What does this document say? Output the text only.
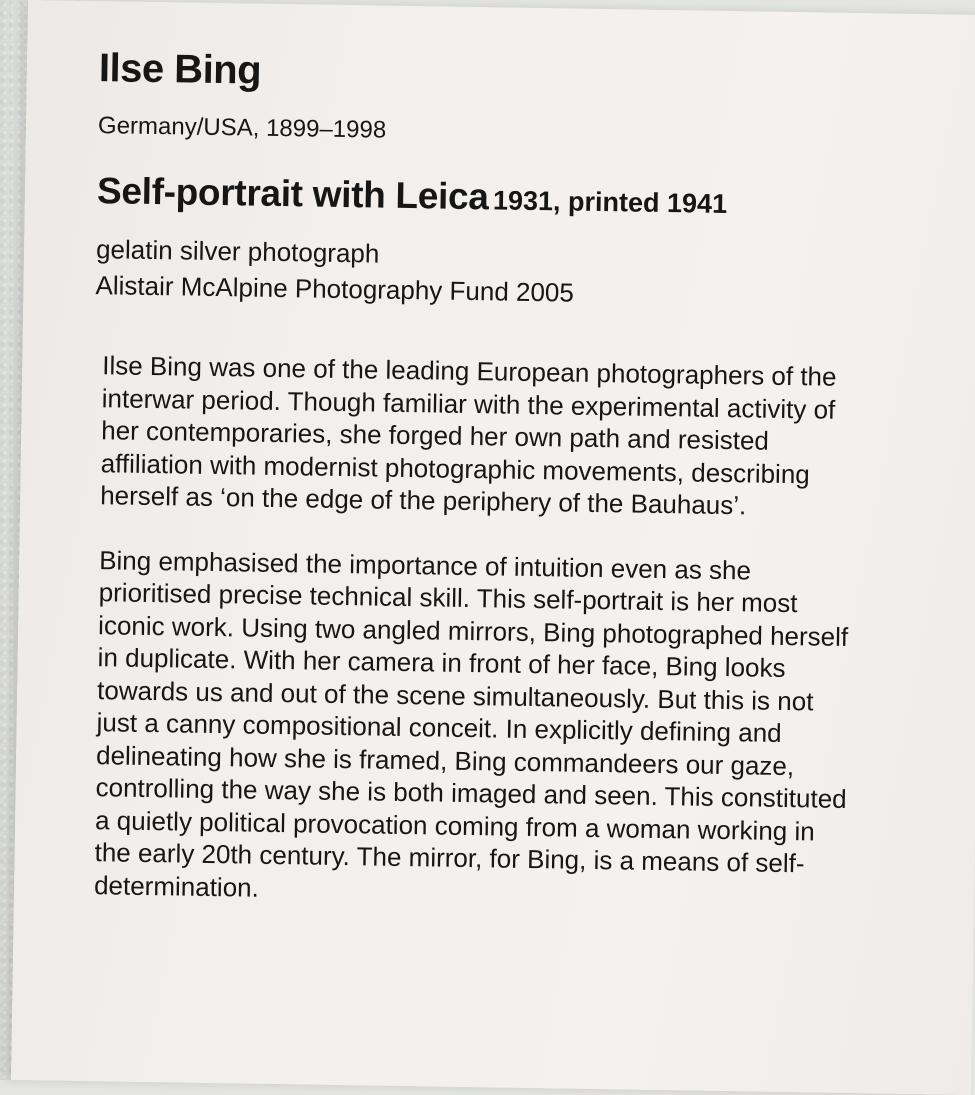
Ilse Bing
Germany/USA, 1899–1998
Self-portrait with Leica 1931, printed 1941
gelatin silver photograph
Alistair McAlpine Photography Fund 2005

Ilse Bing was one of the leading European photographers of the interwar period. Though familiar with the experimental activity of her contemporaries, she forged her own path and resisted affiliation with modernist photographic movements, describing herself as ‘on the edge of the periphery of the Bauhaus’.

Bing emphasised the importance of intuition even as she prioritised precise technical skill. This self-portrait is her most iconic work. Using two angled mirrors, Bing photographed herself in duplicate. With her camera in front of her face, Bing looks towards us and out of the scene simultaneously. But this is not just a canny compositional conceit. In explicitly defining and delineating how she is framed, Bing commandeers our gaze, controlling the way she is both imaged and seen. This constituted a quietly political provocation coming from a woman working in the early 20th century. The mirror, for Bing, is a means of self-determination.
